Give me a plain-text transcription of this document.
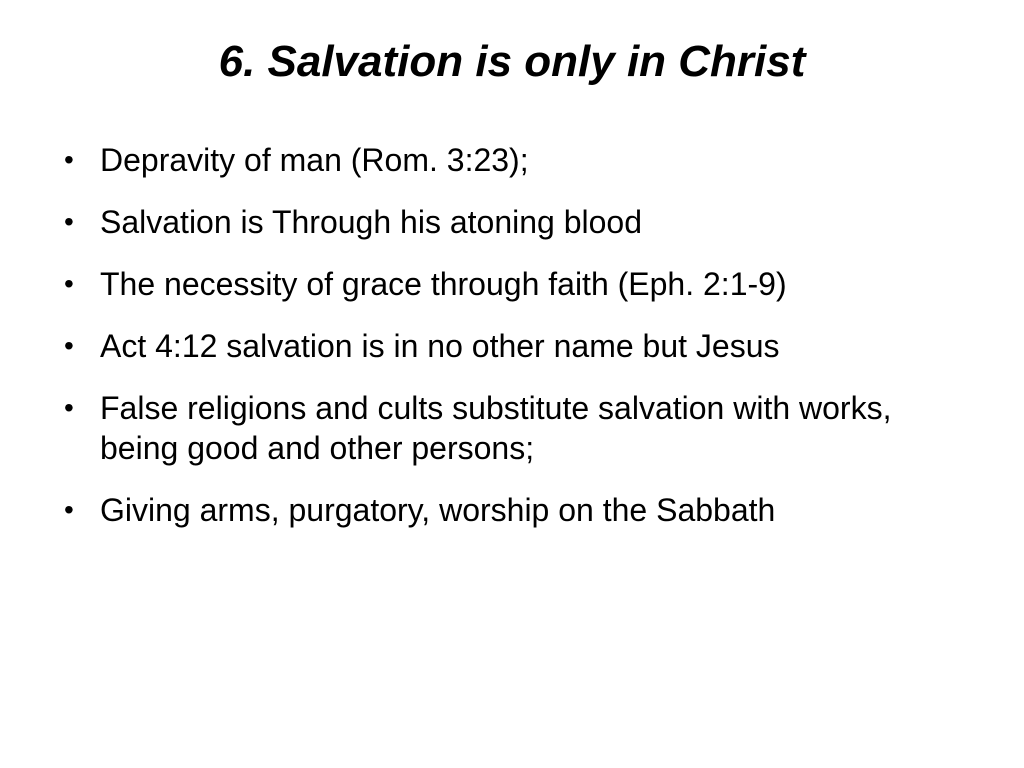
6. Salvation is only in Christ
• Depravity of man (Rom. 3:23);
• Salvation is Through his atoning blood
• The necessity of grace through faith (Eph. 2:1-9)
• Act 4:12 salvation is in no other name but Jesus
• False religions and cults substitute salvation with works, being good and other persons;
• Giving arms, purgatory, worship on the Sabbath
